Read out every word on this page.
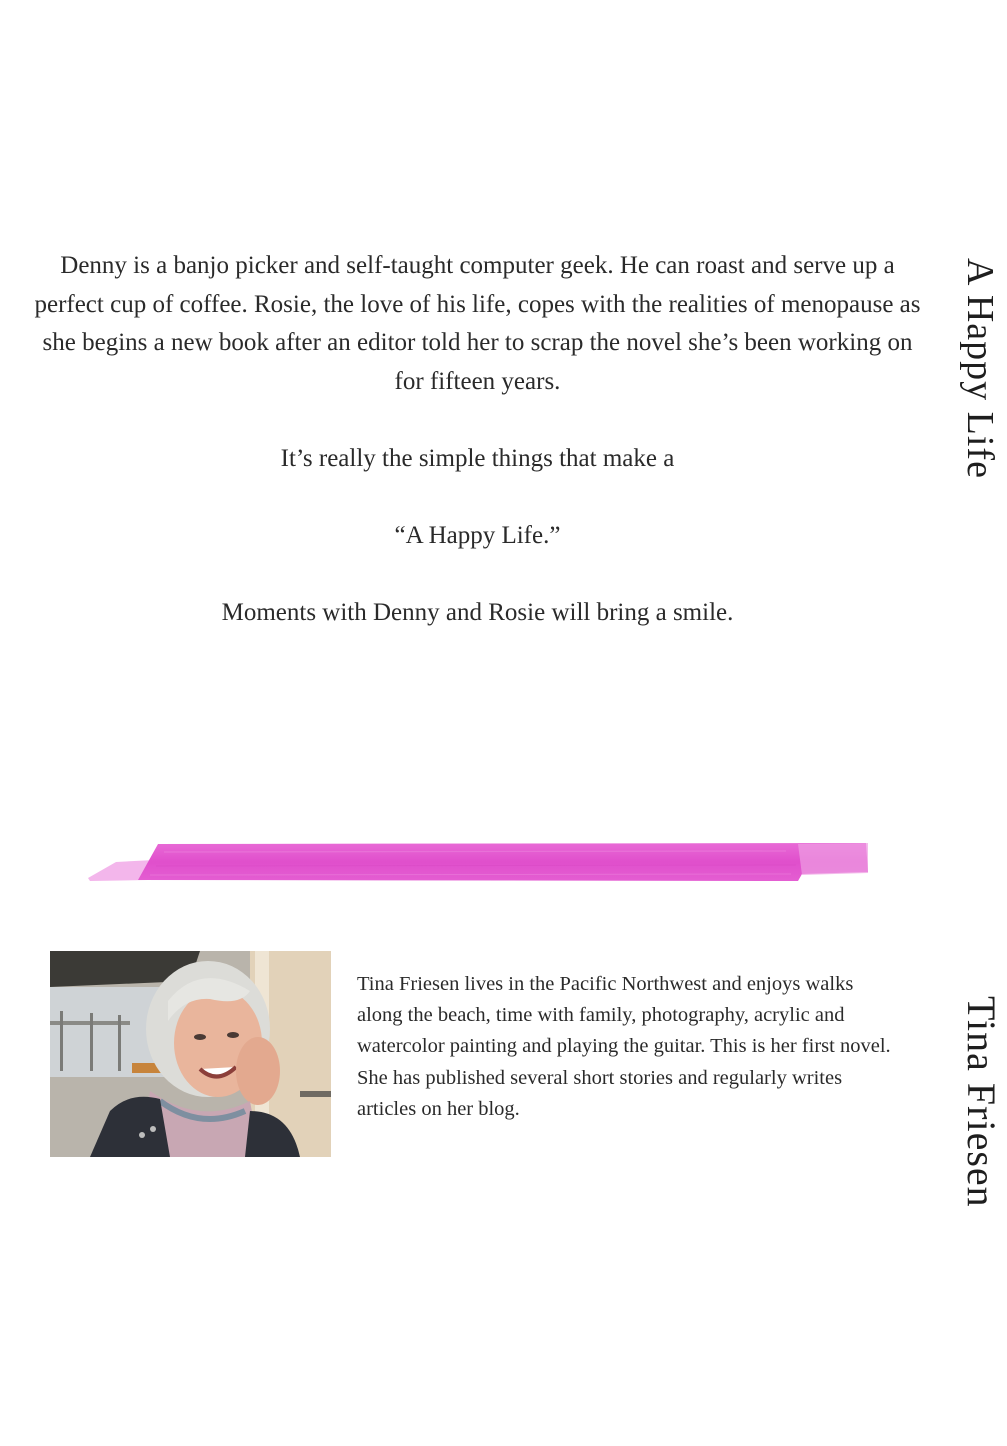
Denny is a banjo picker and self-taught computer geek. He can roast and serve up a perfect cup of coffee. Rosie, the love of his life, copes with the realities of menopause as she begins a new book after an editor told her to scrap the novel she’s been working on for fifteen years.

It’s really the simple things that make a

“A Happy Life.”

Moments with Denny and Rosie will bring a smile.

A Happy Life
Tina Friesen

Tina Friesen lives in the Pacific Northwest and enjoys walks along the beach, time with family, photography, acrylic and watercolor painting and playing the guitar. This is her first novel. She has published several short stories and regularly writes articles on her blog.
